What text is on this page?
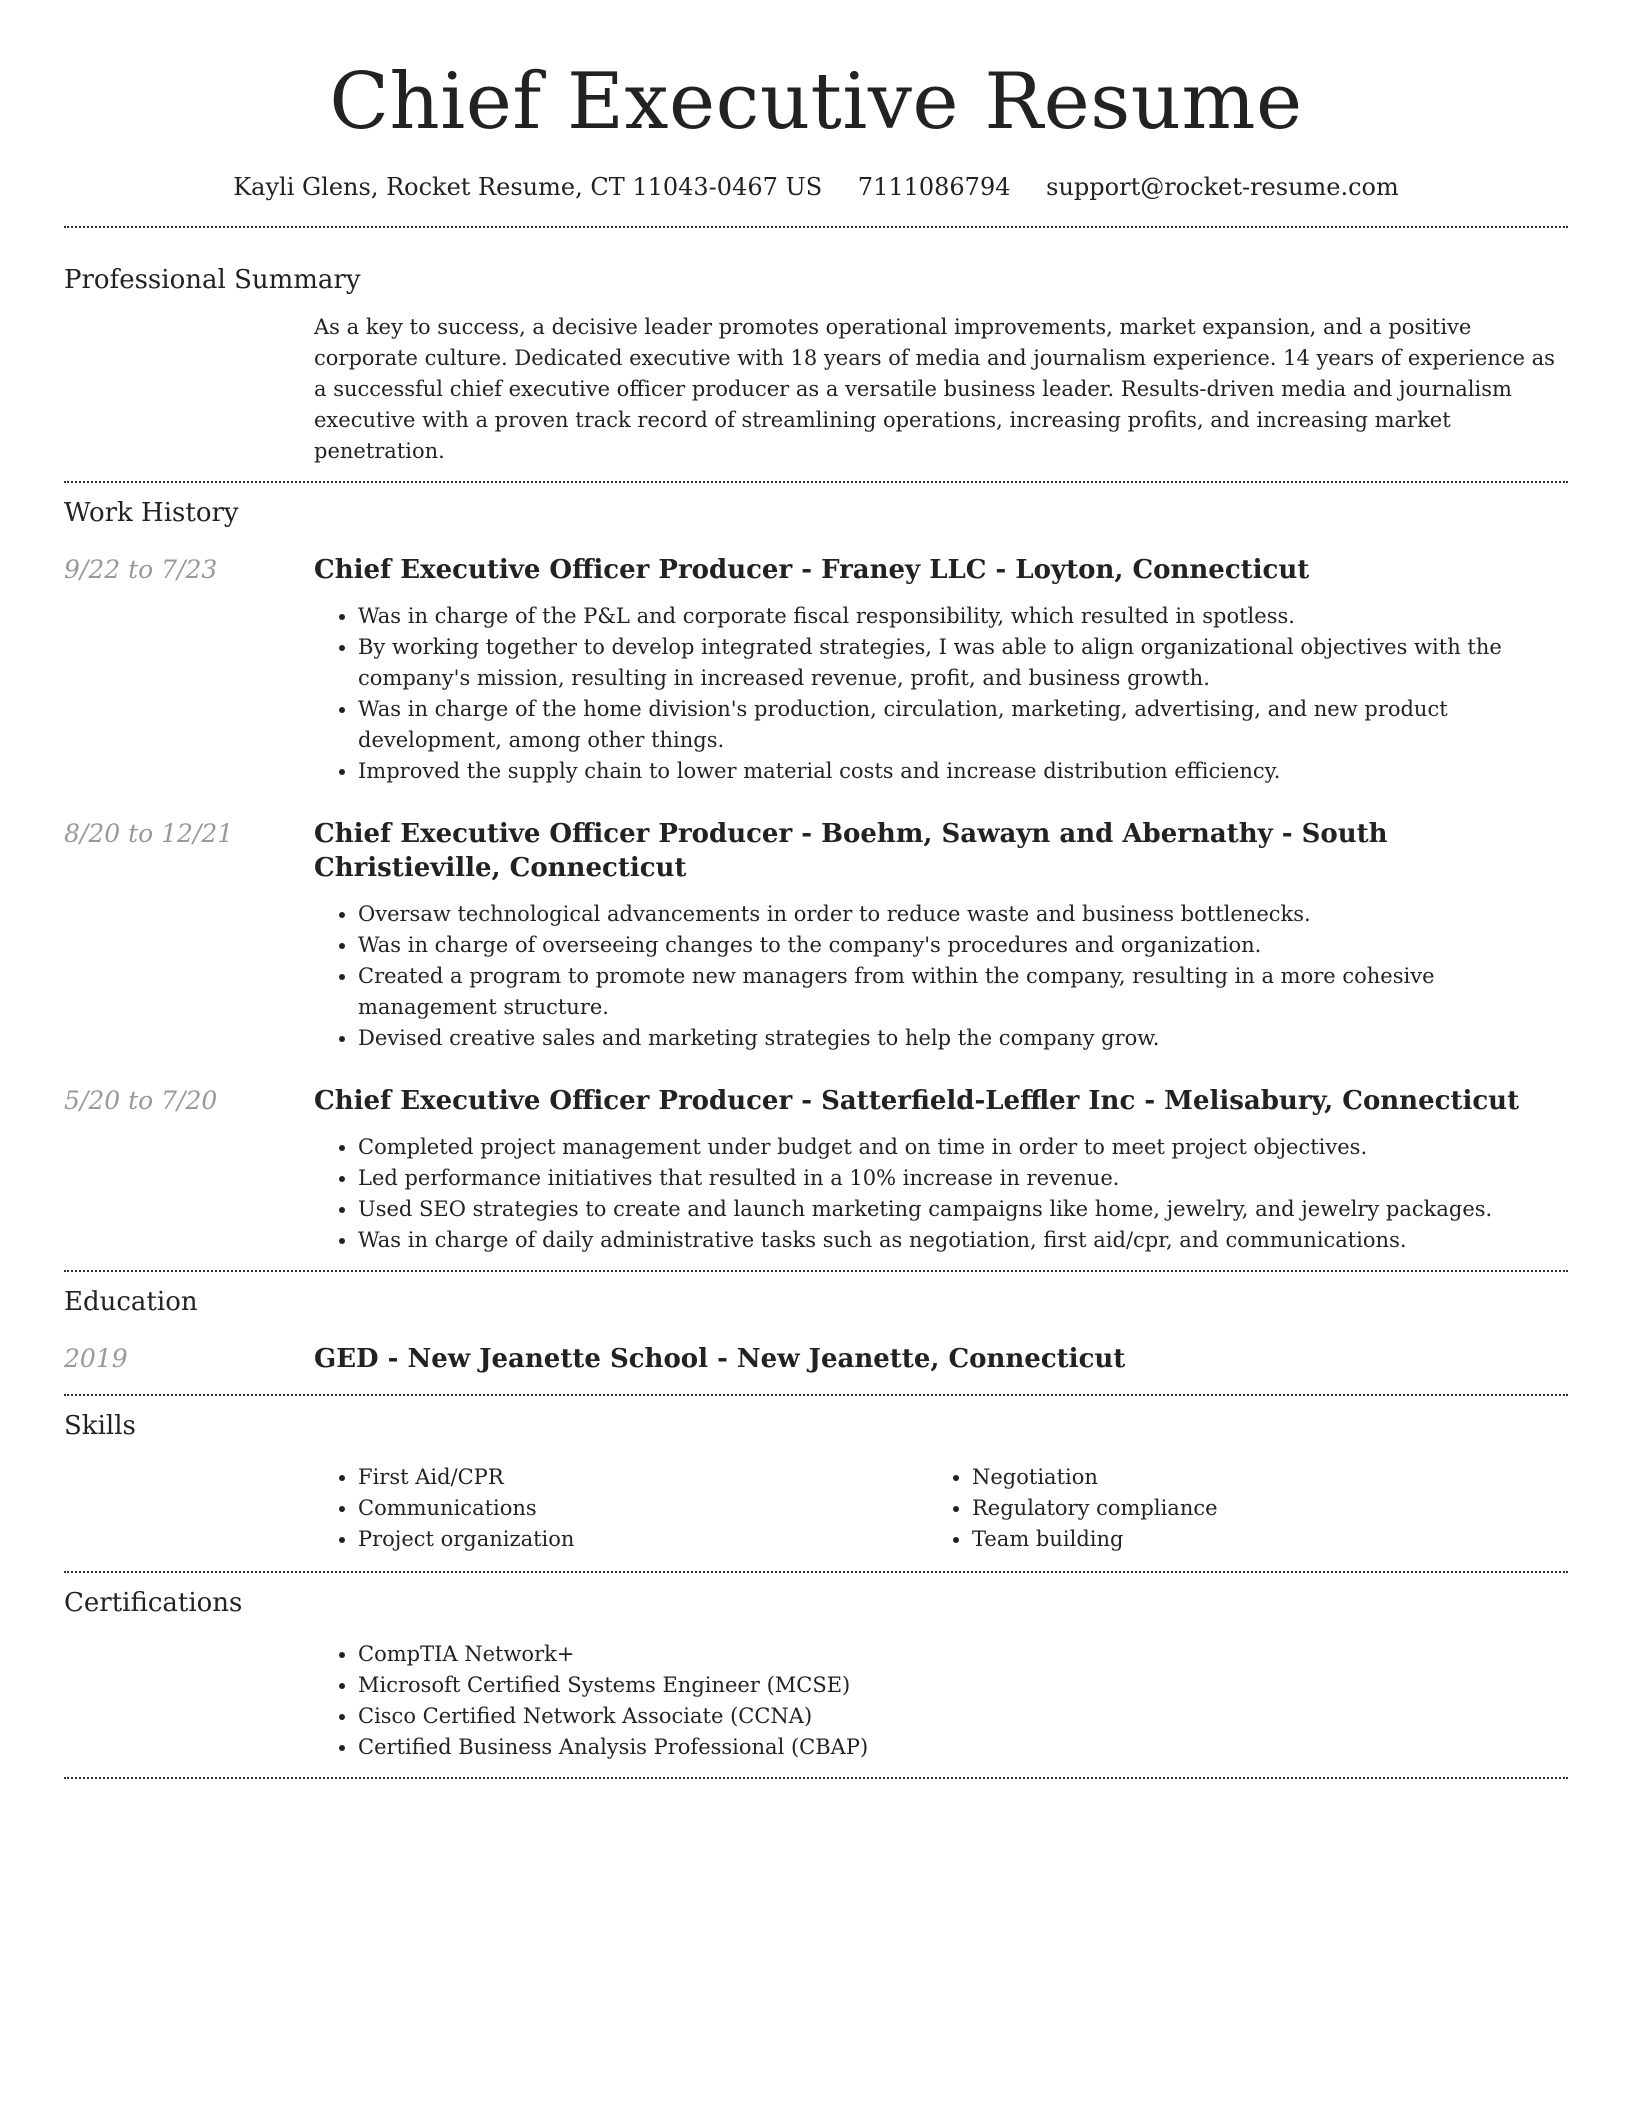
Chief Executive Resume
Kayli Glens, Rocket Resume, CT 11043-0467 US 7111086794 support@rocket-resume.com
Professional Summary

As a key to success, a decisive leader promotes operational improvements, market expansion, and a positive corporate culture. Dedicated executive with 18 years of media and journalism experience. 14 years of experience as a successful chief executive officer producer as a versatile business leader. Results-driven media and journalism executive with a proven track record of streamlining operations, increasing profits, and increasing market penetration.

Work History
9/22 to 7/23	Chief Executive Officer Producer - Franey LLC - Loyton, Connecticut
• Was in charge of the P&L and corporate fiscal responsibility, which resulted in spotless.
• By working together to develop integrated strategies, I was able to align organizational objectives with the company's mission, resulting in increased revenue, profit, and business growth.
• Was in charge of the home division's production, circulation, marketing, advertising, and new product development, among other things.
• Improved the supply chain to lower material costs and increase distribution efficiency.
8/20 to 12/21	Chief Executive Officer Producer - Boehm, Sawayn and Abernathy - South Christieville, Connecticut
• Oversaw technological advancements in order to reduce waste and business bottlenecks.
• Was in charge of overseeing changes to the company's procedures and organization.
• Created a program to promote new managers from within the company, resulting in a more cohesive management structure.
• Devised creative sales and marketing strategies to help the company grow.
5/20 to 7/20	Chief Executive Officer Producer - Satterfield-Leffler Inc - Melisabury, Connecticut
• Completed project management under budget and on time in order to meet project objectives.
• Led performance initiatives that resulted in a 10% increase in revenue.
• Used SEO strategies to create and launch marketing campaigns like home, jewelry, and jewelry packages.
• Was in charge of daily administrative tasks such as negotiation, first aid/cpr, and communications.
Education
2019	GED - New Jeanette School - New Jeanette, Connecticut
Skills
• First Aid/CPR
• Communications
• Project organization
• Negotiation
• Regulatory compliance
• Team building
Certifications
• CompTIA Network+
• Microsoft Certified Systems Engineer (MCSE)
• Cisco Certified Network Associate (CCNA)
• Certified Business Analysis Professional (CBAP)
